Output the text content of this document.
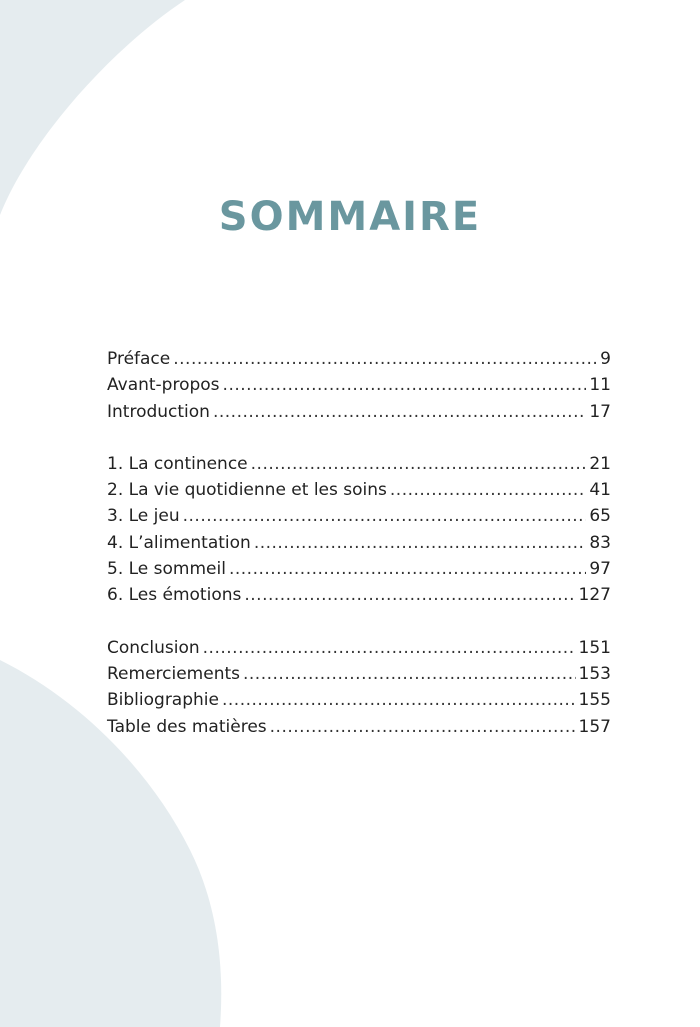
SOMMAIRE
Préface .....	9
Avant-propos .....	11
Introduction .....	17
1. La continence .....	21
2. La vie quotidienne et les soins .....	41
3. Le jeu .....	65
4. L’alimentation .....	83
5. Le sommeil .....	97
6. Les émotions .....	127
Conclusion .....	151
Remerciements .....	153
Bibliographie .....	155
Table des matières .....	157
